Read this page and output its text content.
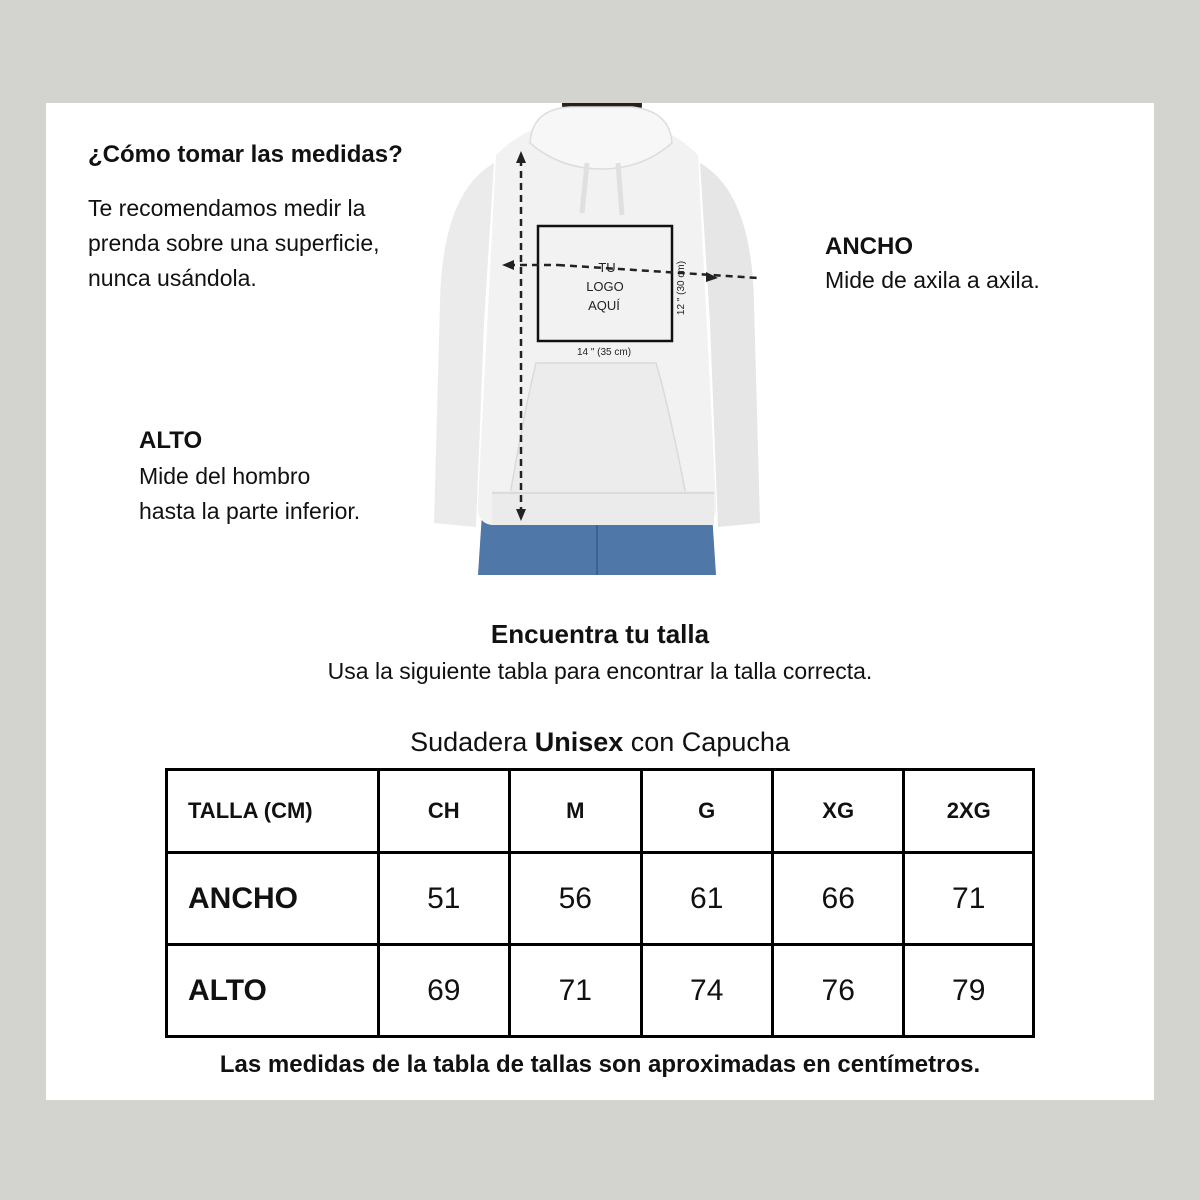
¿Cómo tomar las medidas?
Te recomendamos medir la
prenda sobre una superficie,
nunca usándola.
ANCHO
Mide de axila a axila.
ALTO
Mide del hombro
hasta la parte inferior.
TU
LOGO
AQUÍ
14 " (35 cm)
12 " (30 cm)
Encuentra tu talla
Usa la siguiente tabla para encontrar la talla correcta.
Sudadera Unisex con Capucha
TALLA (CM)	CH	M	G	XG	2XG
ANCHO	51	56	61	66	71
ALTO	69	71	74	76	79
Las medidas de la tabla de tallas son aproximadas en centímetros.
